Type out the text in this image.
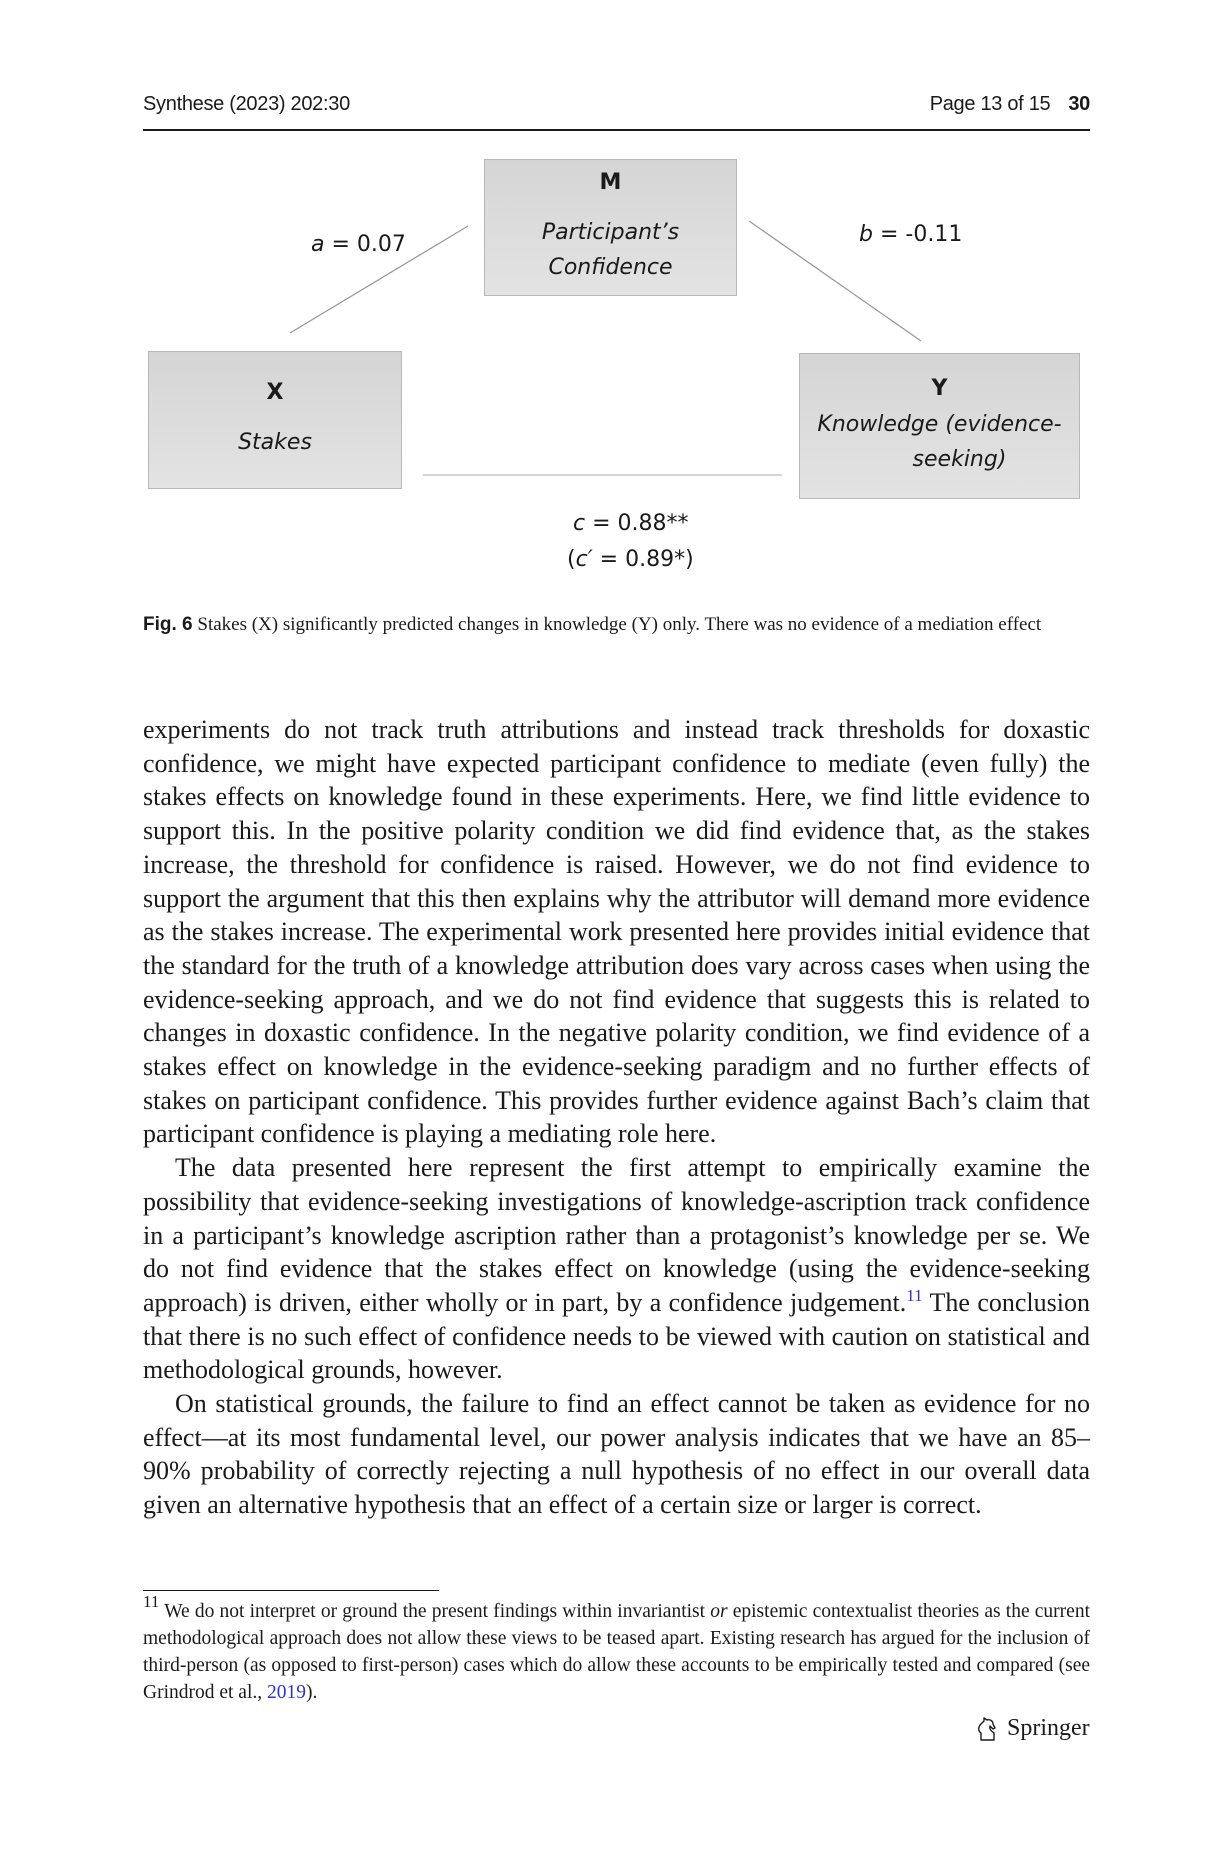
Synthese (2023) 202:30	Page 13 of 15 30
M
Participant’s
Confidence
X
Stakes
Y
Knowledge (evidence-
seeking)
a = 0.07	b = -0.11
c = 0.88**
(c′ = 0.89*)
Fig. 6 Stakes (X) significantly predicted changes in knowledge (Y) only. There was no evidence of a mediation effect

experiments do not track truth attributions and instead track thresholds for doxastic confidence, we might have expected participant confidence to mediate (even fully) the stakes effects on knowledge found in these experiments. Here, we find little evidence to support this. In the positive polarity condition we did find evidence that, as the stakes increase, the threshold for confidence is raised. However, we do not find evidence to support the argument that this then explains why the attributor will demand more evidence as the stakes increase. The experimental work presented here provides initial evidence that the standard for the truth of a knowledge attribution does vary across cases when using the evidence-seeking approach, and we do not find evidence that suggests this is related to changes in doxastic confidence. In the negative polarity condition, we find evidence of a stakes effect on knowledge in the evidence-seeking paradigm and no further effects of stakes on participant confidence. This provides further evidence against Bach’s claim that participant confidence is playing a mediating role here.

The data presented here represent the first attempt to empirically examine the possibility that evidence-seeking investigations of knowledge-ascription track confidence in a participant’s knowledge ascription rather than a protagonist’s knowledge per se. We do not find evidence that the stakes effect on knowledge (using the evidence-seeking approach) is driven, either wholly or in part, by a confidence judgement.$^{11}$ The conclusion that there is no such effect of confidence needs to be viewed with caution on statistical and methodological grounds, however.

On statistical grounds, the failure to find an effect cannot be taken as evidence for no effect—at its most fundamental level, our power analysis indicates that we have an 85–90% probability of correctly rejecting a null hypothesis of no effect in our overall data given an alternative hypothesis that an effect of a certain size or larger is correct.

$^{11}$ We do not interpret or ground the present findings within invariantist or epistemic contextualist theories as the current methodological approach does not allow these views to be teased apart. Existing research has argued for the inclusion of third-person (as opposed to first-person) cases which do allow these accounts to be empirically tested and compared (see Grindrod et al., 2019).
Springer
